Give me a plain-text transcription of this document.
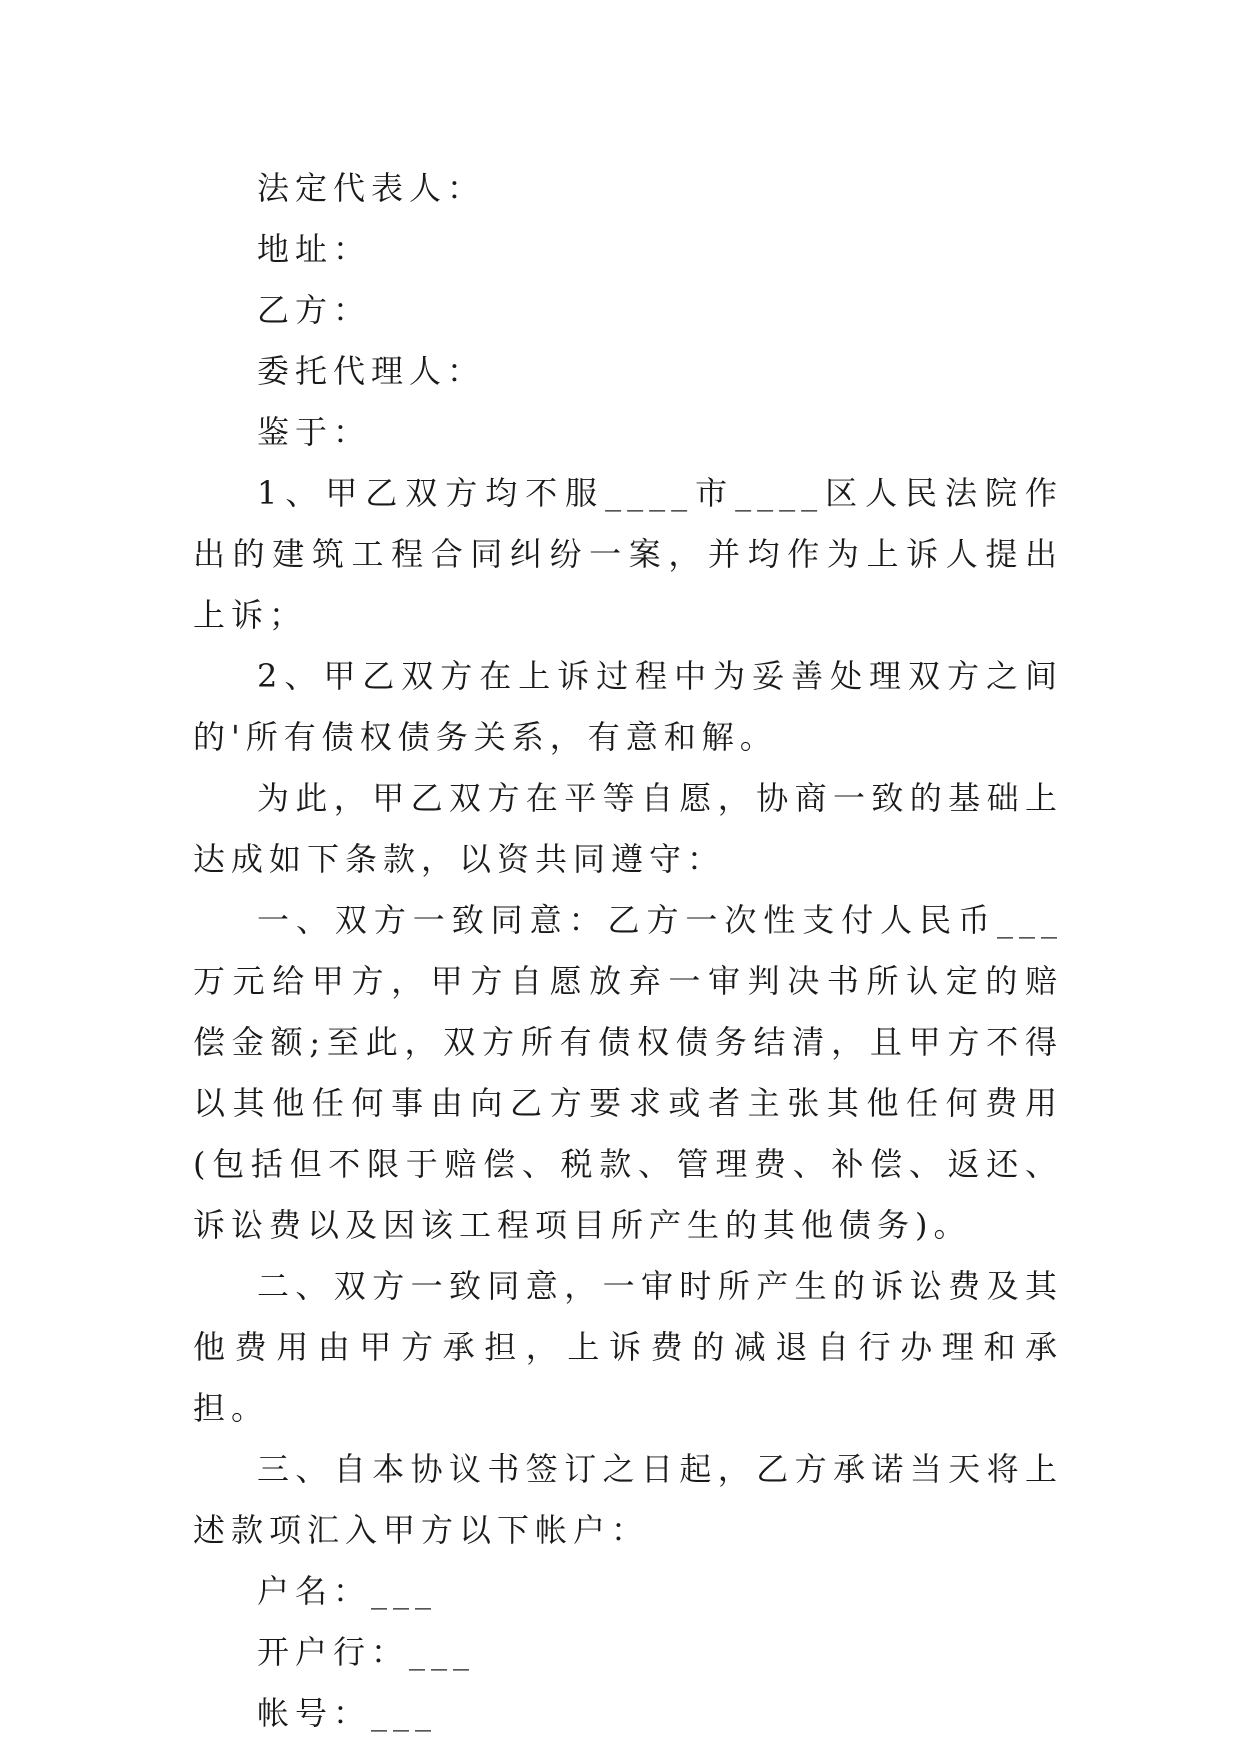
法定代表人：

地址：

乙方：

委托代理人：

鉴于：

1、甲乙双方均不服____市____区人民法院作出的建筑工程合同纠纷一案，并均作为上诉人提出上诉；

2、甲乙双方在上诉过程中为妥善处理双方之间的'所有债权债务关系，有意和解。

为此，甲乙双方在平等自愿，协商一致的基础上达成如下条款，以资共同遵守：

一、双方一致同意：乙方一次性支付人民币___万元给甲方，甲方自愿放弃一审判决书所认定的赔偿金额;至此，双方所有债权债务结清，且甲方不得以其他任何事由向乙方要求或者主张其他任何费用(包括但不限于赔偿、税款、管理费、补偿、返还、诉讼费以及因该工程项目所产生的其他债务)。

二、双方一致同意，一审时所产生的诉讼费及其他费用由甲方承担，上诉费的减退自行办理和承担。

三、自本协议书签订之日起，乙方承诺当天将上述款项汇入甲方以下帐户：

户名：___

开户行：___

帐号：___
